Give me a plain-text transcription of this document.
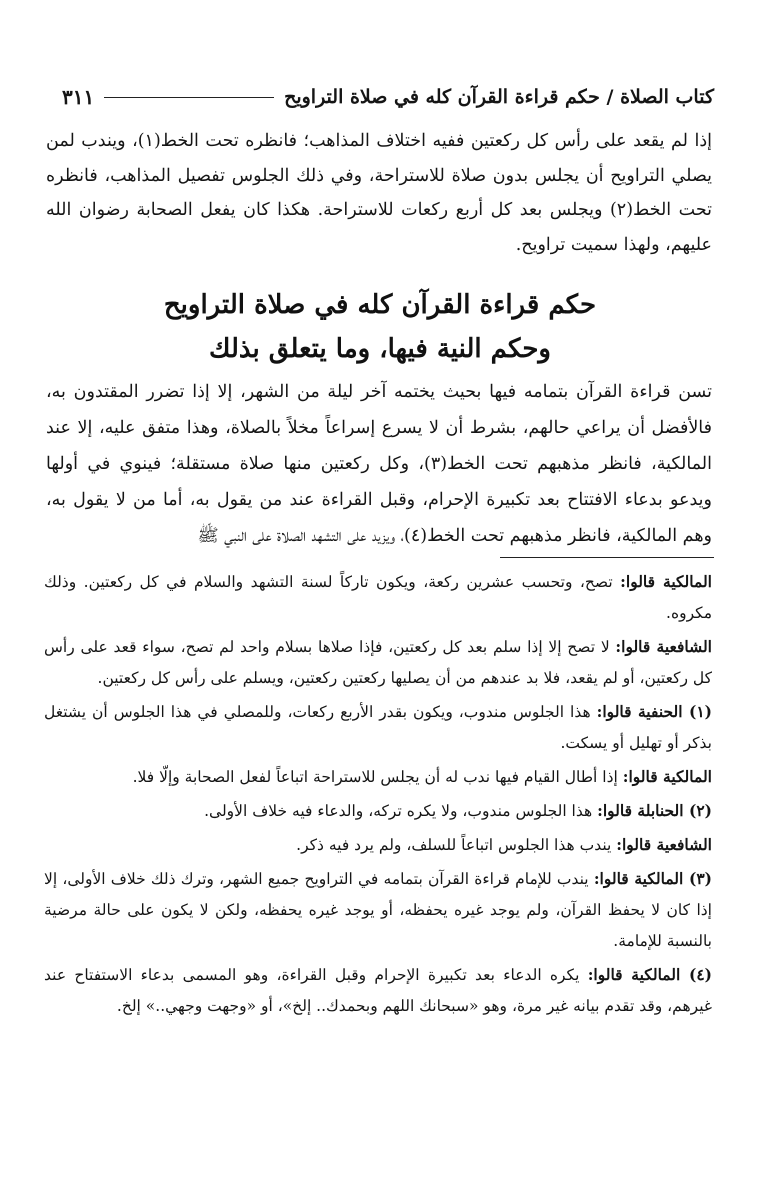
كتاب الصلاة / حكم قراءة القرآن كله في صلاة التراويح
٣١١
إذا لم يقعد على رأس كل ركعتين ففيه اختلاف المذاهب؛ فانظره تحت الخط(١)، ويندب لمن يصلي التراويح أن يجلس بدون صلاة للاستراحة، وفي ذلك الجلوس تفصيل المذاهب، فانظره تحت الخط(٢) ويجلس بعد كل أربع ركعات للاستراحة. هكذا كان يفعل الصحابة رضوان الله عليهم، ولهذا سميت تراويح.
حكم قراءة القرآن كله في صلاة التراويح
وحكم النية فيها، وما يتعلق بذلك
تسن قراءة القرآن بتمامه فيها بحيث يختمه آخر ليلة من الشهر، إلا إذا تضرر المقتدون به، فالأفضل أن يراعي حالهم، بشرط أن لا يسرع إسراعاً مخلاً بالصلاة، وهذا متفق عليه، إلا عند المالكية، فانظر مذهبهم تحت الخط(٣)، وكل ركعتين منها صلاة مستقلة؛ فينوي في أولها ويدعو بدعاء الافتتاح بعد تكبيرة الإحرام، وقبل القراءة عند من يقول به، أما من لا يقول به، وهم المالكية، فانظر مذهبهم تحت الخط(٤)، ويزيد على التشهد الصلاة على النبي ﷺ

المالكية قالوا: تصح، وتحسب عشرين ركعة، ويكون تاركاً لسنة التشهد والسلام في كل ركعتين. وذلك مكروه.

الشافعية قالوا: لا تصح إلا إذا سلم بعد كل ركعتين، فإذا صلاها بسلام واحد لم تصح، سواء قعد على رأس كل ركعتين، أو لم يقعد، فلا بد عندهم من أن يصليها ركعتين ركعتين، ويسلم على رأس كل ركعتين.

(١) الحنفية قالوا: هذا الجلوس مندوب، ويكون بقدر الأربع ركعات، وللمصلي في هذا الجلوس أن يشتغل بذكر أو تهليل أو يسكت.

المالكية قالوا: إذا أطال القيام فيها ندب له أن يجلس للاستراحة اتباعاً لفعل الصحابة وإلّا فلا.

(٢) الحنابلة قالوا: هذا الجلوس مندوب، ولا يكره تركه، والدعاء فيه خلاف الأولى.

الشافعية قالوا: يندب هذا الجلوس اتباعاً للسلف، ولم يرد فيه ذكر.

(٣) المالكية قالوا: يندب للإمام قراءة القرآن بتمامه في التراويح جميع الشهر، وترك ذلك خلاف الأولى، إلا إذا كان لا يحفظ القرآن، ولم يوجد غيره يحفظه، أو يوجد غيره يحفظه، ولكن لا يكون على حالة مرضية بالنسبة للإمامة.

(٤) المالكية قالوا: يكره الدعاء بعد تكبيرة الإحرام وقبل القراءة، وهو المسمى بدعاء الاستفتاح عند غيرهم، وقد تقدم بيانه غير مرة، وهو «سبحانك اللهم وبحمدك.. إلخ»، أو «وجهت وجهي..» إلخ.
